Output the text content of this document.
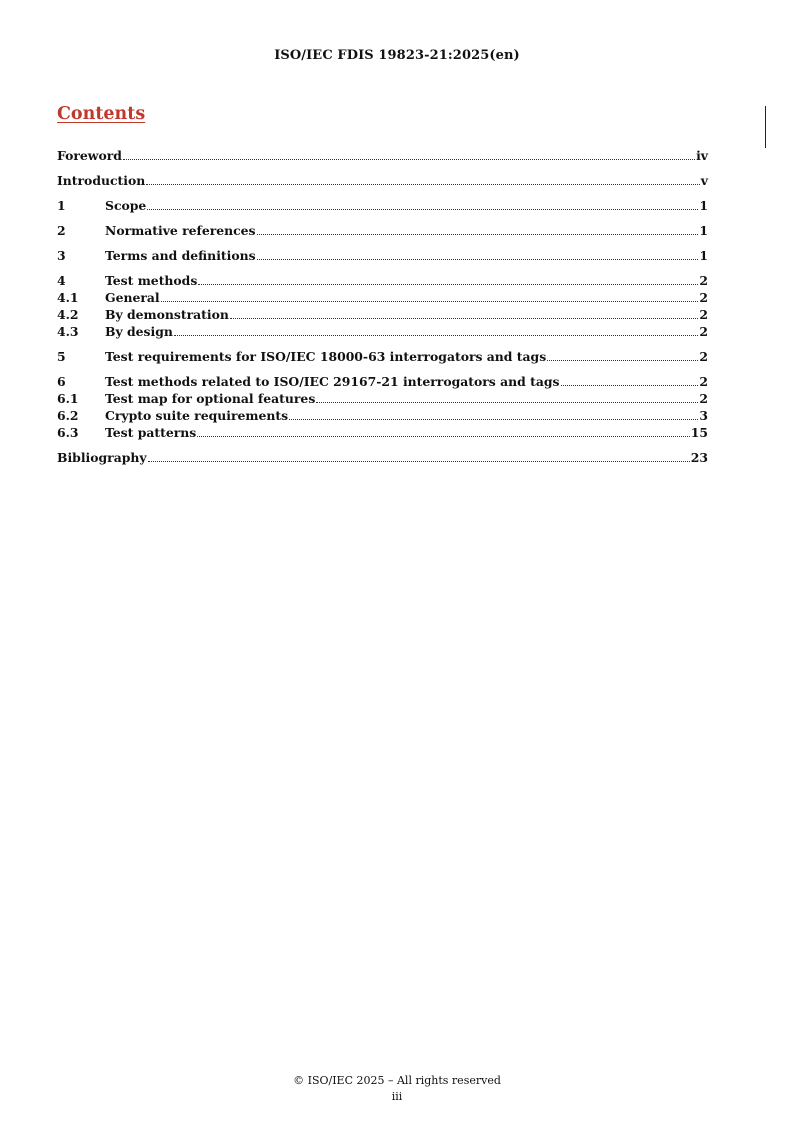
ISO/IEC FDIS 19823-21:2025(en)
Contents
Foreword	iv
Introduction	v
1	Scope	1
2	Normative references	1
3	Terms and definitions	1
4	Test methods	2
4.1	General	2
4.2	By demonstration	2
4.3	By design	2
5	Test requirements for ISO/IEC 18000-63 interrogators and tags	2
6	Test methods related to ISO/IEC 29167-21 interrogators and tags	2
6.1	Test map for optional features	2
6.2	Crypto suite requirements	3
6.3	Test patterns	15
Bibliography	23
© ISO/IEC 2025 – All rights reserved
iii
